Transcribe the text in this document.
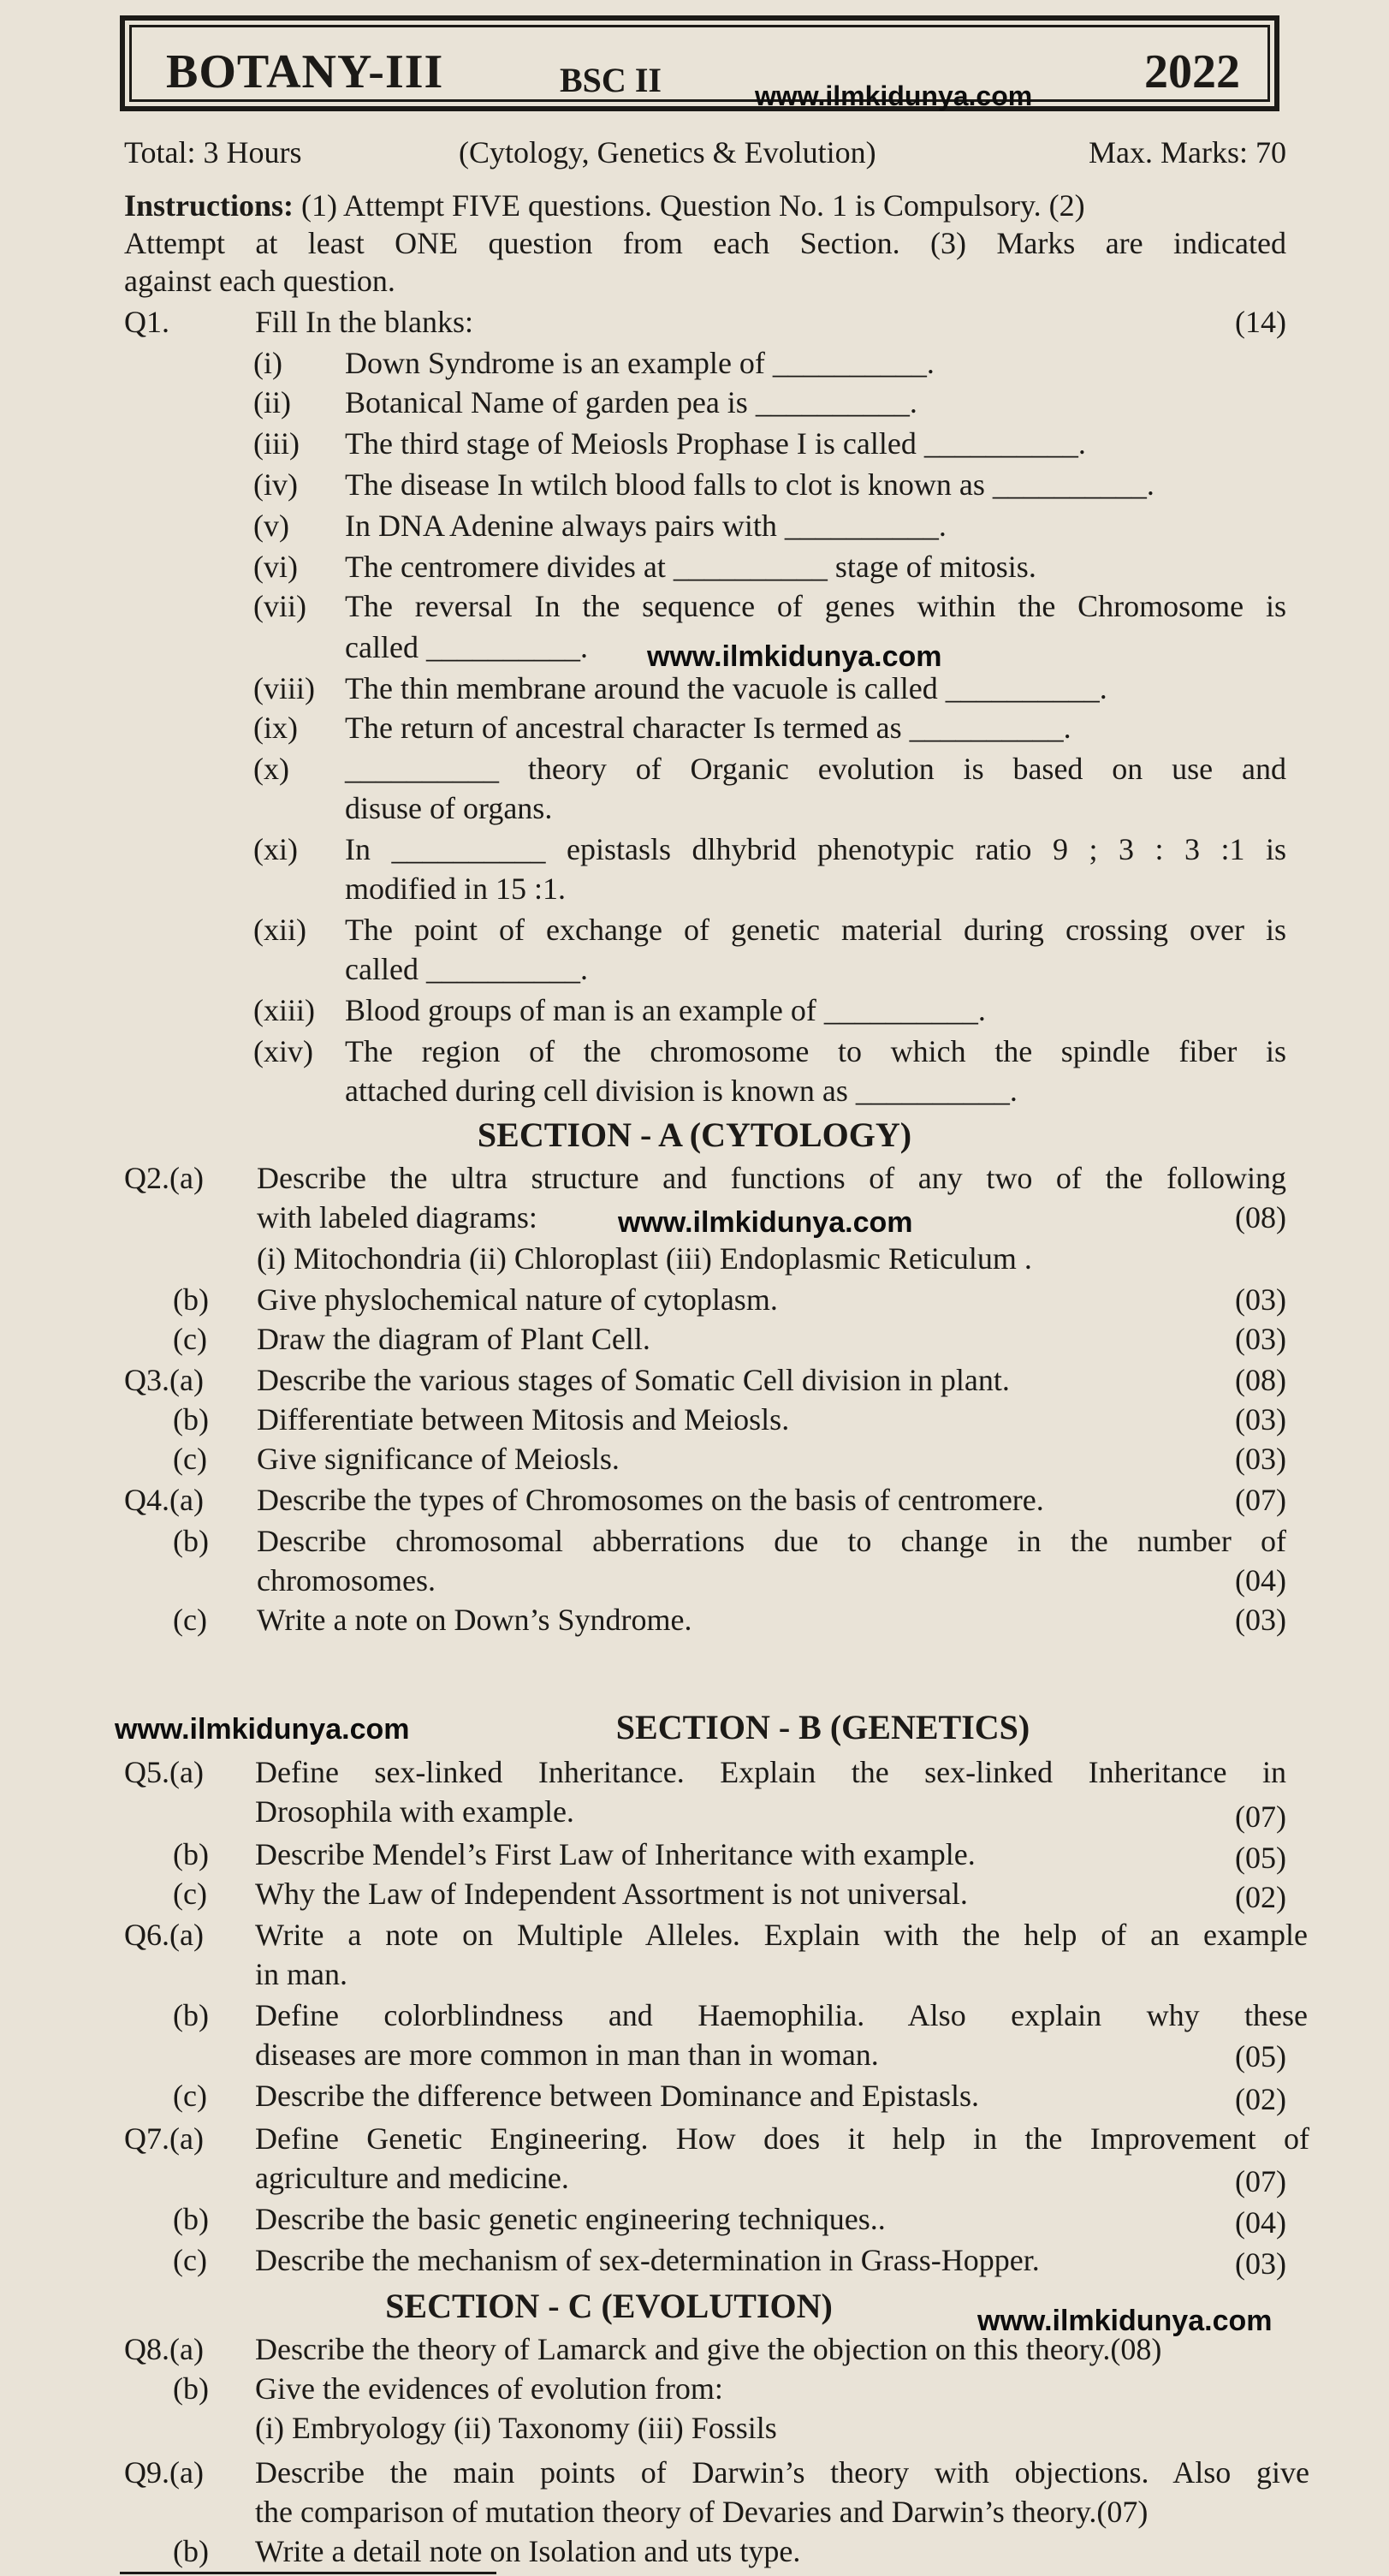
BOTANY-III	BSC II	2022
www.ilmkidunya.com
Total: 3 Hours	(Cytology, Genetics & Evolution)	Max. Marks: 70
Instructions: (1) Attempt FIVE questions. Question No. 1 is Compulsory. (2)
Attempt at least ONE question from each Section. (3) Marks are indicated
against each question.
Q1.	Fill In the blanks:	(14)
(i) Down Syndrome is an example of __________.
(ii) Botanical Name of garden pea is __________.
(iii) The third stage of Meiosls Prophase I is called __________.
(iv) The disease In wtilch blood falls to clot is known as __________.
(v) In DNA Adenine always pairs with __________.
(vi) The centromere divides at __________ stage of mitosis.
(vii) The reversal In the sequence of genes within the Chromosome is
called __________.
(viii) The thin membrane around the vacuole is called __________.
(ix) The return of ancestral character Is termed as __________.
(x) __________ theory of Organic evolution is based on use and
disuse of organs.
(xi) In __________ epistasls dlhybrid phenotypic ratio 9 ; 3 : 3 :1 is
modified in 15 :1.
(xii) The point of exchange of genetic material during crossing over is
called __________.
(xiii) Blood groups of man is an example of __________.
(xiv) The region of the chromosome to which the spindle fiber is
attached during cell division is known as __________.
www.ilmkidunya.com
www.ilmkidunya.com
www.ilmkidunya.com
www.ilmkidunya.com
SECTION - A (CYTOLOGY)
Q2.(a) Describe the ultra structure and functions of any two of the following
with labeled diagrams:	(08)
(i) Mitochondria (ii) Chloroplast (iii) Endoplasmic Reticulum .
(b) Give physlochemical nature of cytoplasm.	(03)
(c) Draw the diagram of Plant Cell.	(03)
Q3.(a) Describe the various stages of Somatic Cell division in plant.	(08)
(b) Differentiate between Mitosis and Meiosls.	(03)
(c) Give significance of Meiosls.	(03)
Q4.(a) Describe the types of Chromosomes on the basis of centromere.	(07)
(b) Describe chromosomal abberrations due to change in the number of
chromosomes.	(04)
(c) Write a note on Down’s Syndrome.	(03)
SECTION - B (GENETICS)
Q5.(a) Define sex-linked Inheritance. Explain the sex-linked Inheritance in
Drosophila with example.	(07)
(b) Describe Mendel’s First Law of Inheritance with example.	(05)
(c) Why the Law of Independent Assortment is not universal.	(02)
Q6.(a) Write a note on Multiple Alleles. Explain with the help of an example
in man.
(b) Define colorblindness and Haemophilia. Also explain why these
diseases are more common in man than in woman.	(05)
(c) Describe the difference between Dominance and Epistasls.	(02)
Q7.(a) Define Genetic Engineering. How does it help in the Improvement of
agriculture and medicine.	(07)
(b) Describe the basic genetic engineering techniques..	(04)
(c) Describe the mechanism of sex-determination in Grass-Hopper.	(03)
SECTION - C (EVOLUTION)
Q8.(a) Describe the theory of Lamarck and give the objection on this theory.(08)
(b) Give the evidences of evolution from:
(i) Embryology (ii) Taxonomy (iii) Fossils
Q9.(a) Describe the main points of Darwin’s theory with objections. Also give
the comparison of mutation theory of Devaries and Darwin’s theory.(07)
(b) Write a detail note on Isolation and uts type.
